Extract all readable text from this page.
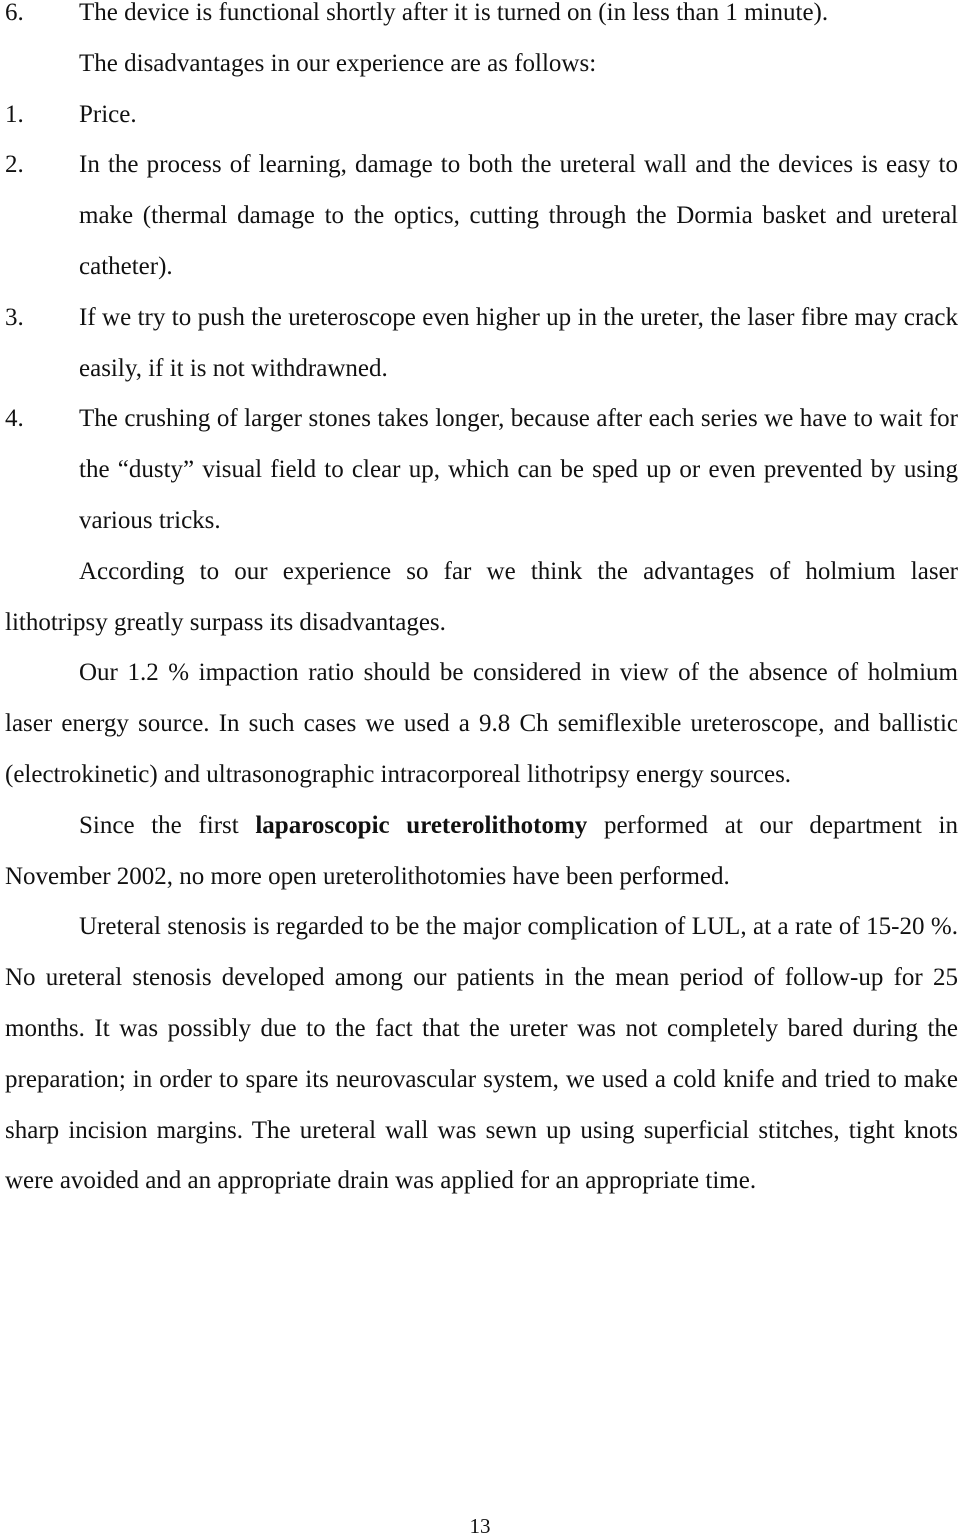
6. The device is functional shortly after it is turned on (in less than 1 minute).
The disadvantages in our experience are as follows:
1. Price.
2. In the process of learning, damage to both the ureteral wall and the devices is easy to make (thermal damage to the optics, cutting through the Dormia basket and ureteral catheter).
3. If we try to push the ureteroscope even higher up in the ureter, the laser fibre may crack easily, if it is not withdrawned.
4. The crushing of larger stones takes longer, because after each series we have to wait for the “dusty” visual field to clear up, which can be sped up or even prevented by using various tricks.

According to our experience so far we think the advantages of holmium laser lithotripsy greatly surpass its disadvantages.

Our 1.2 % impaction ratio should be considered in view of the absence of holmium laser energy source. In such cases we used a 9.8 Ch semiflexible ureteroscope, and ballistic (electrokinetic) and ultrasonographic intracorporeal lithotripsy energy sources.

Since the first laparoscopic ureterolithotomy performed at our department in November 2002, no more open ureterolithotomies have been performed.

Ureteral stenosis is regarded to be the major complication of LUL, at a rate of 15-20 %. No ureteral stenosis developed among our patients in the mean period of follow-up for 25 months. It was possibly due to the fact that the ureter was not completely bared during the preparation; in order to spare its neurovascular system, we used a cold knife and tried to make sharp incision margins. The ureteral wall was sewn up using superficial stitches, tight knots were avoided and an appropriate drain was applied for an appropriate time.

13
